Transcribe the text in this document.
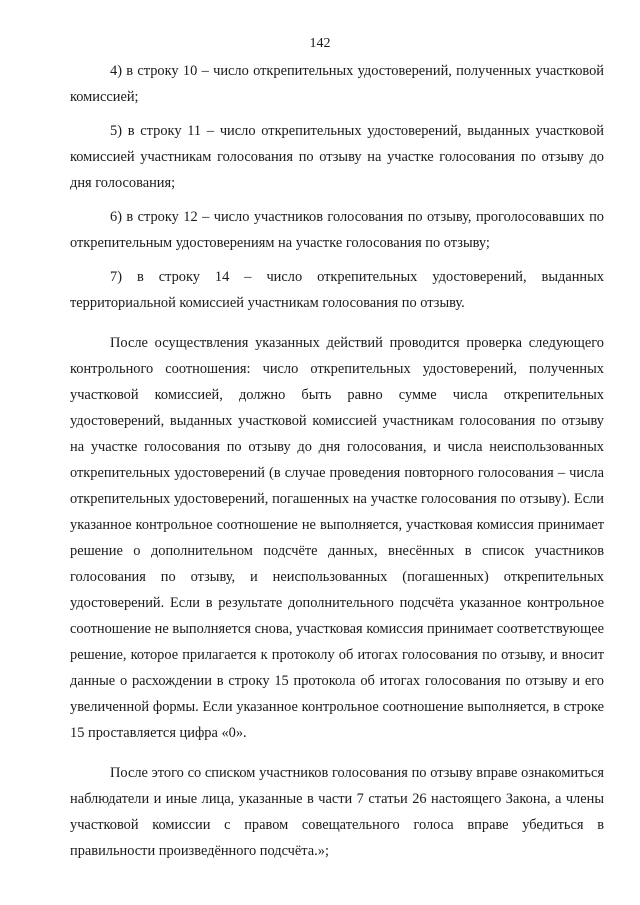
142

4) в строку 10 – число открепительных удостоверений, полученных участковой комиссией;

5) в строку 11 – число открепительных удостоверений, выданных участковой комиссией участникам голосования по отзыву на участке голосования по отзыву до дня голосования;

6) в строку 12 – число участников голосования по отзыву, проголосовавших по открепительным удостоверениям на участке голосования по отзыву;

7) в строку 14 – число открепительных удостоверений, выданных территориальной комиссией участникам голосования по отзыву.

После осуществления указанных действий проводится проверка следующего контрольного соотношения: число открепительных удостоверений, полученных участковой комиссией, должно быть равно сумме числа открепительных удостоверений, выданных участковой комиссией участникам голосования по отзыву на участке голосования по отзыву до дня голосования, и числа неиспользованных открепительных удостоверений (в случае проведения повторного голосования – числа открепительных удостоверений, погашенных на участке голосования по отзыву). Если указанное контрольное соотношение не выполняется, участковая комиссия принимает решение о дополнительном подсчёте данных, внесённых в список участников голосования по отзыву, и неиспользованных (погашенных) открепительных удостоверений. Если в результате дополнительного подсчёта указанное контрольное соотношение не выполняется снова, участковая комиссия принимает соответствующее решение, которое прилагается к протоколу об итогах голосования по отзыву, и вносит данные о расхождении в строку 15 протокола об итогах голосования по отзыву и его увеличенной формы. Если указанное контрольное соотношение выполняется, в строке 15 проставляется цифра «0».

После этого со списком участников голосования по отзыву вправе ознакомиться наблюдатели и иные лица, указанные в части 7 статьи 26 настоящего Закона, а члены участковой комиссии с правом совещательного голоса вправе убедиться в правильности произведённого подсчёта.»;
